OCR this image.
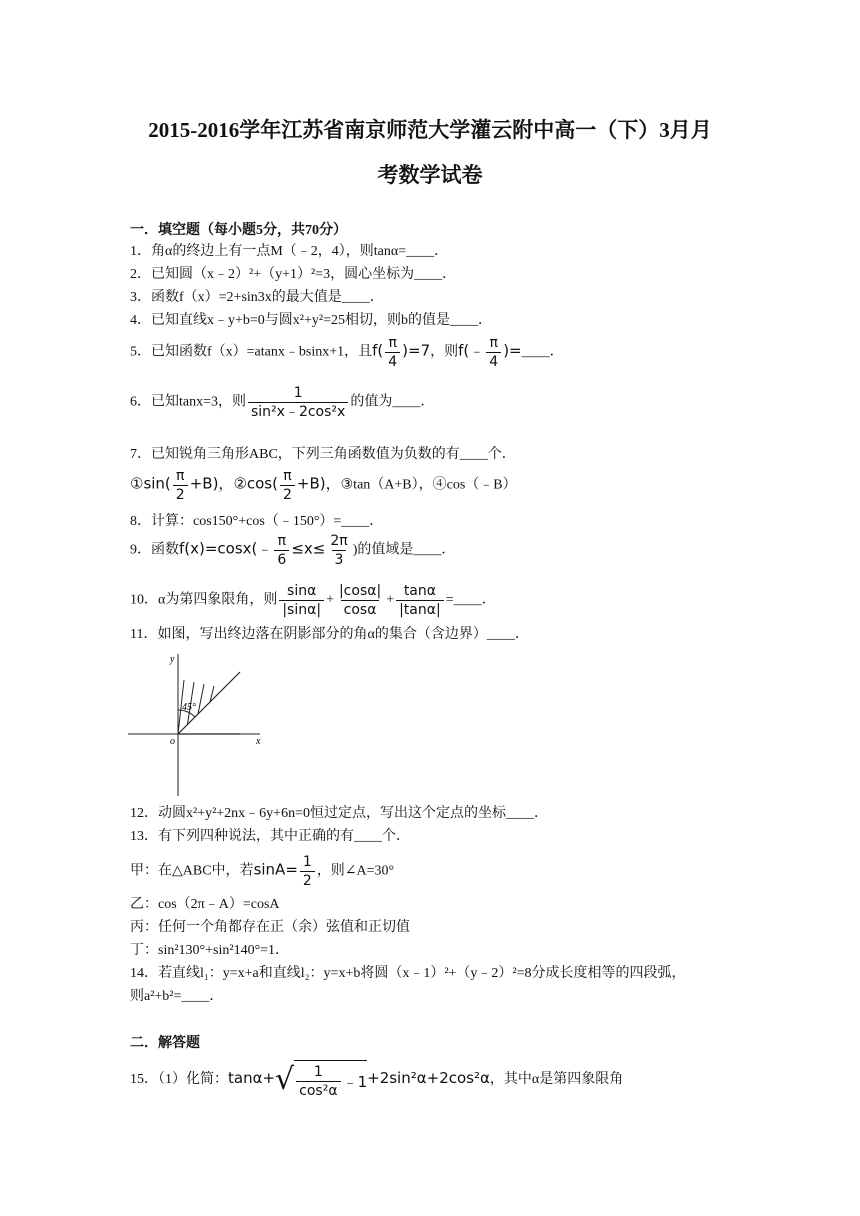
2015-2016学年江苏省南京师范大学灌云附中高一（下）3月月
考数学试卷
一．填空题（每小题5分，共70分）
1．角α的终边上有一点M（﹣2，4），则tanα=____．
2．已知圆（x﹣2）²+（y+1）²=3，圆心坐标为____．
3．函数f（x）=2+sin3x的最大值是____．
4．已知直线x﹣y+b=0与圆x²+y²=25相切，则b的值是____．
5．已知函数f（x）=atanx﹣bsinx+1，且$f( \frac{\pi}{4} )=7$，则f(﹣ $\frac{\pi}{4}$ )=____．
6．已知tanx=3，则 $\frac{1}{\text{sin²x﹣2cos²x}}$ 的值为____．
7．已知锐角三角形ABC，下列三角函数值为负数的有____个．
①sin( $\frac{\pi}{2} +B$)，②cos( $\frac{\pi}{2} +B$)，③tan（A+B），④cos（﹣B）
8．计算：cos150°+cos（﹣150°）=____．
9．函数f(x)=cosx(﹣ $\frac{\pi}{6} \le x\le \frac{2\pi}{3}$ )的值域是____．
10．α为第四象限角，则 $\frac{\sin\alpha}{|\sin\alpha|} + \frac{|\cos\alpha|}{\cos\alpha} + \frac{\tan\alpha}{|\tan\alpha|}$ =____．
11．如图，写出终边落在阴影部分的角α的集合（含边界）____．
45°
y
x
o
12．动圆x²+y²+2nx﹣6y+6n=0恒过定点，写出这个定点的坐标____．
13．有下列四种说法，其中正确的有____个．
甲：在△ABC中，若$\sin A= \frac{1}{2}$ ，则∠A=30°
乙：cos（2π﹣A）=cosA
丙：任何一个角都存在正（余）弦值和正切值
丁：sin²130°+sin²140°=1．
14．若直线l₁：y=x+a和直线l₂：y=x+b将圆（x﹣1）²+（y﹣2）²=8分成长度相等的四段弧，
则a²+b²=____．
二．解答题
15．（1）化简：tanα+ √ $\frac{1}{\text{cos²α}}$ ﹣1 +2sin²α+2cos²α，其中α是第四象限角
